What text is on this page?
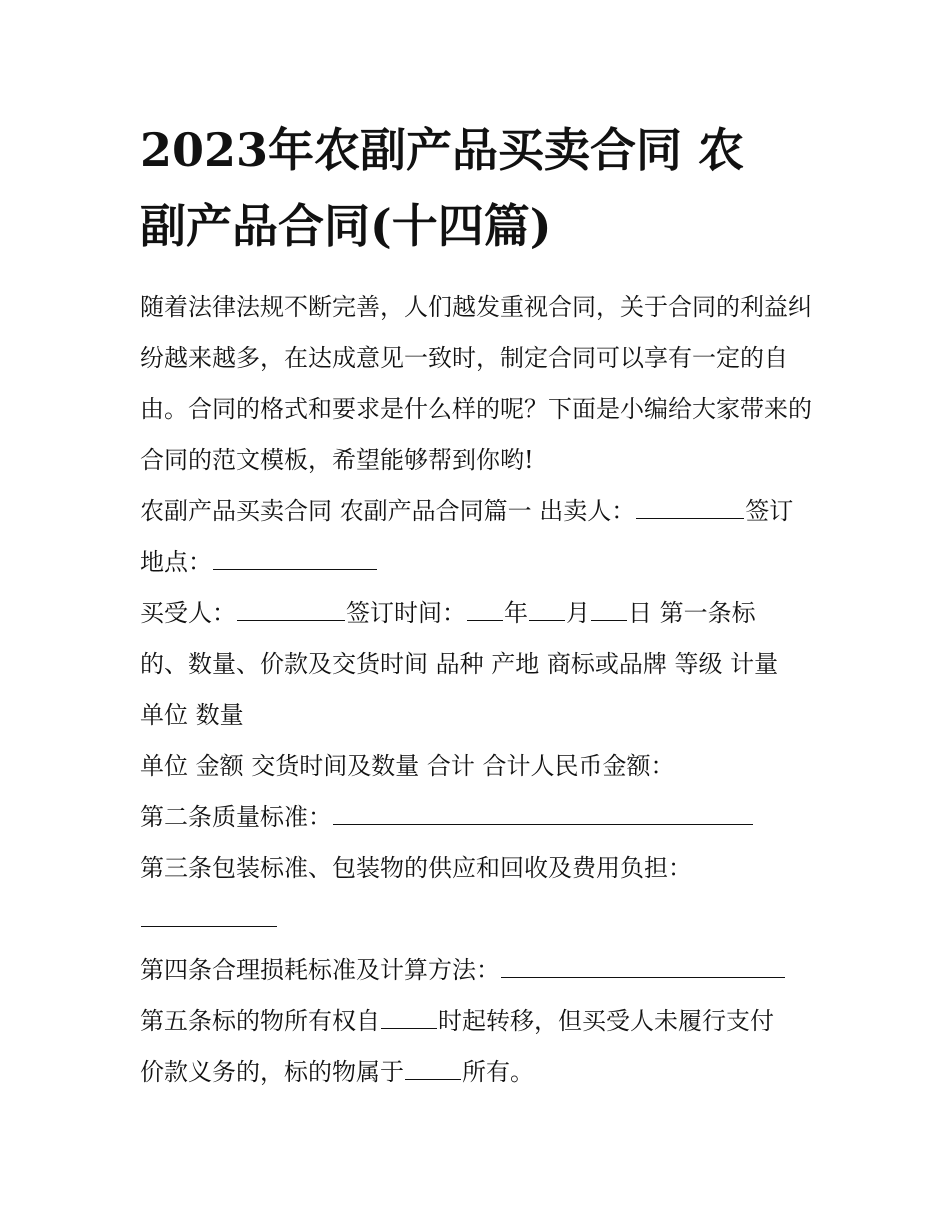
2023年农副产品买卖合同 农
副产品合同(十四篇)

随着法律法规不断完善，人们越发重视合同，关于合同的利益纠纷越来越多，在达成意见一致时，制定合同可以享有一定的自由。合同的格式和要求是什么样的呢？下面是小编给大家带来的合同的范文模板，希望能够帮到你哟!

农副产品买卖合同 农副产品合同篇一 出卖人：	签订
地点：

买受人：	签订时间： 年 月 日 第一条标
的、数量、价款及交货时间 品种 产地 商标或品牌 等级 计量
单位 数量

单位 金额 交货时间及数量 合计 合计人民币金额：

第二条质量标准：

第三条包装标准、包装物的供应和回收及费用负担：

第四条合理损耗标准及计算方法：

第五条标的物所有权自 时起转移，但买受人未履行支付
价款义务的，标的物属于 所有。
